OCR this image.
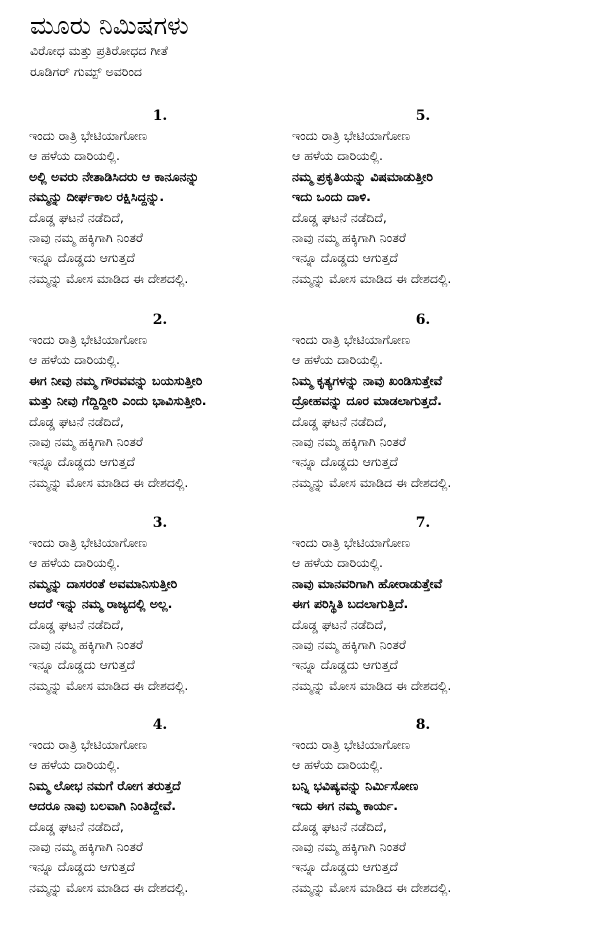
ಮೂರು ನಿಮಿಷಗಳು
ವಿರೋಧ ಮತ್ತು ಪ್ರತಿರೋಧದ ಗೀತೆ
ರೂಡಿಗರ್ ಗುಮ್ಪ್ ಅವರಿಂದ
1.
ಇಂದು ರಾತ್ರಿ ಭೇಟಿಯಾಗೋಣ
ಆ ಹಳೆಯ ದಾರಿಯಲ್ಲಿ.
ಅಲ್ಲಿ ಅವರು ನೇತಾಡಿಸಿದರು ಆ ಕಾನೂನನ್ನು
ನಮ್ಮನ್ನು ದೀರ್ಘಕಾಲ ರಕ್ಷಿಸಿದ್ದನ್ನು.
ದೊಡ್ಡ ಘಟನೆ ನಡೆದಿದೆ,
ನಾವು ನಮ್ಮ ಹಕ್ಕಿಗಾಗಿ ನಿಂತರೆ
ಇನ್ನೂ ದೊಡ್ಡದು ಆಗುತ್ತದೆ
ನಮ್ಮನ್ನು ಮೋಸ ಮಾಡಿದ ಈ ದೇಶದಲ್ಲಿ.
2.
ಇಂದು ರಾತ್ರಿ ಭೇಟಿಯಾಗೋಣ
ಆ ಹಳೆಯ ದಾರಿಯಲ್ಲಿ.
ಈಗ ನೀವು ನಮ್ಮ ಗೌರವವನ್ನು ಬಯಸುತ್ತೀರಿ
ಮತ್ತು ನೀವು ಗೆದ್ದಿದ್ದೀರಿ ಎಂದು ಭಾವಿಸುತ್ತೀರಿ.
ದೊಡ್ಡ ಘಟನೆ ನಡೆದಿದೆ,
ನಾವು ನಮ್ಮ ಹಕ್ಕಿಗಾಗಿ ನಿಂತರೆ
ಇನ್ನೂ ದೊಡ್ಡದು ಆಗುತ್ತದೆ
ನಮ್ಮನ್ನು ಮೋಸ ಮಾಡಿದ ಈ ದೇಶದಲ್ಲಿ.
3.
ಇಂದು ರಾತ್ರಿ ಭೇಟಿಯಾಗೋಣ
ಆ ಹಳೆಯ ದಾರಿಯಲ್ಲಿ.
ನಮ್ಮನ್ನು ದಾಸರಂತೆ ಅವಮಾನಿಸುತ್ತೀರಿ
ಆದರೆ ಇನ್ನು ನಮ್ಮ ರಾಜ್ಯದಲ್ಲಿ ಅಲ್ಲ.
ದೊಡ್ಡ ಘಟನೆ ನಡೆದಿದೆ,
ನಾವು ನಮ್ಮ ಹಕ್ಕಿಗಾಗಿ ನಿಂತರೆ
ಇನ್ನೂ ದೊಡ್ಡದು ಆಗುತ್ತದೆ
ನಮ್ಮನ್ನು ಮೋಸ ಮಾಡಿದ ಈ ದೇಶದಲ್ಲಿ.
4.
ಇಂದು ರಾತ್ರಿ ಭೇಟಿಯಾಗೋಣ
ಆ ಹಳೆಯ ದಾರಿಯಲ್ಲಿ.
ನಿಮ್ಮ ಲೋಭ ನಮಗೆ ರೋಗ ತರುತ್ತದೆ
ಆದರೂ ನಾವು ಬಲವಾಗಿ ನಿಂತಿದ್ದೇವೆ.
ದೊಡ್ಡ ಘಟನೆ ನಡೆದಿದೆ,
ನಾವು ನಮ್ಮ ಹಕ್ಕಿಗಾಗಿ ನಿಂತರೆ
ಇನ್ನೂ ದೊಡ್ಡದು ಆಗುತ್ತದೆ
ನಮ್ಮನ್ನು ಮೋಸ ಮಾಡಿದ ಈ ದೇಶದಲ್ಲಿ.
5.
ಇಂದು ರಾತ್ರಿ ಭೇಟಿಯಾಗೋಣ
ಆ ಹಳೆಯ ದಾರಿಯಲ್ಲಿ.
ನಮ್ಮ ಪ್ರಕೃತಿಯನ್ನು ವಿಷಮಾಡುತ್ತೀರಿ
ಇದು ಒಂದು ದಾಳಿ.
ದೊಡ್ಡ ಘಟನೆ ನಡೆದಿದೆ,
ನಾವು ನಮ್ಮ ಹಕ್ಕಿಗಾಗಿ ನಿಂತರೆ
ಇನ್ನೂ ದೊಡ್ಡದು ಆಗುತ್ತದೆ
ನಮ್ಮನ್ನು ಮೋಸ ಮಾಡಿದ ಈ ದೇಶದಲ್ಲಿ.
6.
ಇಂದು ರಾತ್ರಿ ಭೇಟಿಯಾಗೋಣ
ಆ ಹಳೆಯ ದಾರಿಯಲ್ಲಿ.
ನಿಮ್ಮ ಕೃತ್ಯಗಳನ್ನು ನಾವು ಖಂಡಿಸುತ್ತೇವೆ
ದ್ರೋಹವನ್ನು ದೂರ ಮಾಡಲಾಗುತ್ತದೆ.
ದೊಡ್ಡ ಘಟನೆ ನಡೆದಿದೆ,
ನಾವು ನಮ್ಮ ಹಕ್ಕಿಗಾಗಿ ನಿಂತರೆ
ಇನ್ನೂ ದೊಡ್ಡದು ಆಗುತ್ತದೆ
ನಮ್ಮನ್ನು ಮೋಸ ಮಾಡಿದ ಈ ದೇಶದಲ್ಲಿ.
7.
ಇಂದು ರಾತ್ರಿ ಭೇಟಿಯಾಗೋಣ
ಆ ಹಳೆಯ ದಾರಿಯಲ್ಲಿ.
ನಾವು ಮಾನವರಿಗಾಗಿ ಹೋರಾಡುತ್ತೇವೆ
ಈಗ ಪರಿಸ್ಥಿತಿ ಬದಲಾಗುತ್ತಿದೆ.
ದೊಡ್ಡ ಘಟನೆ ನಡೆದಿದೆ,
ನಾವು ನಮ್ಮ ಹಕ್ಕಿಗಾಗಿ ನಿಂತರೆ
ಇನ್ನೂ ದೊಡ್ಡದು ಆಗುತ್ತದೆ
ನಮ್ಮನ್ನು ಮೋಸ ಮಾಡಿದ ಈ ದೇಶದಲ್ಲಿ.
8.
ಇಂದು ರಾತ್ರಿ ಭೇಟಿಯಾಗೋಣ
ಆ ಹಳೆಯ ದಾರಿಯಲ್ಲಿ.
ಬನ್ನಿ ಭವಿಷ್ಯವನ್ನು ನಿರ್ಮಿಸೋಣ
ಇದು ಈಗ ನಮ್ಮ ಕಾರ್ಯ.
ದೊಡ್ಡ ಘಟನೆ ನಡೆದಿದೆ,
ನಾವು ನಮ್ಮ ಹಕ್ಕಿಗಾಗಿ ನಿಂತರೆ
ಇನ್ನೂ ದೊಡ್ಡದು ಆಗುತ್ತದೆ
ನಮ್ಮನ್ನು ಮೋಸ ಮಾಡಿದ ಈ ದೇಶದಲ್ಲಿ.
